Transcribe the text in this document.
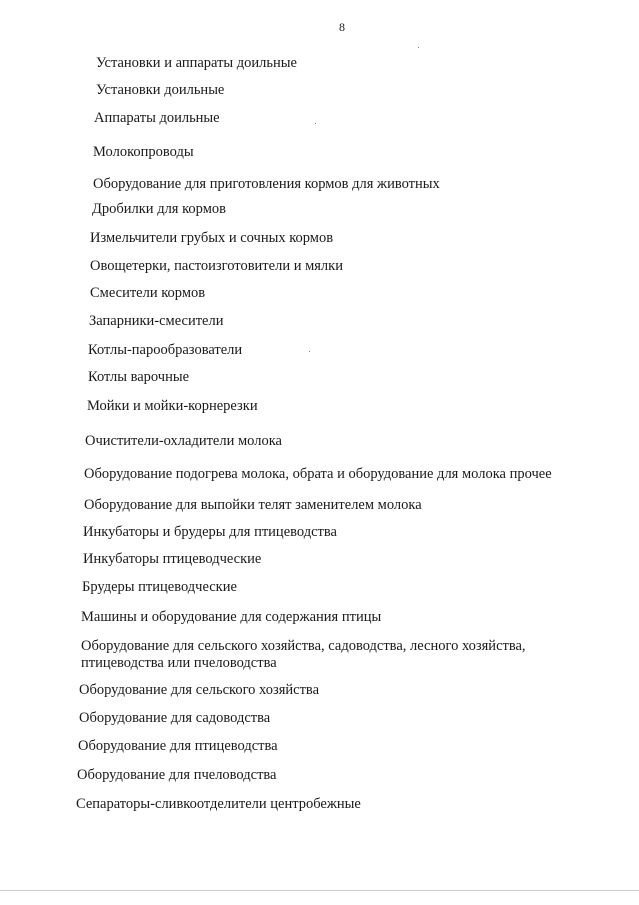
8
Установки и аппараты доильные
Установки доильные
Аппараты доильные
Молокопроводы
Оборудование для приготовления кормов для животных
Дробилки для кормов
Измельчители грубых и сочных кормов
Овощетерки, пастоизготовители и мялки
Смесители кормов
Запарники-смесители
Котлы-парообразователи
Котлы варочные
Мойки и мойки-корнерезки
Очистители-охладители молока
Оборудование подогрева молока, обрата и оборудование для молока прочее
Оборудование для выпойки телят заменителем молока
Инкубаторы и брудеры для птицеводства
Инкубаторы птицеводческие
Брудеры птицеводческие
Машины и оборудование для содержания птицы
Оборудование для сельского хозяйства, садоводства, лесного хозяйства, птицеводства или пчеловодства
Оборудование для сельского хозяйства
Оборудование для садоводства
Оборудование для птицеводства
Оборудование для пчеловодства
Сепараторы-сливкоотделители центробежные
